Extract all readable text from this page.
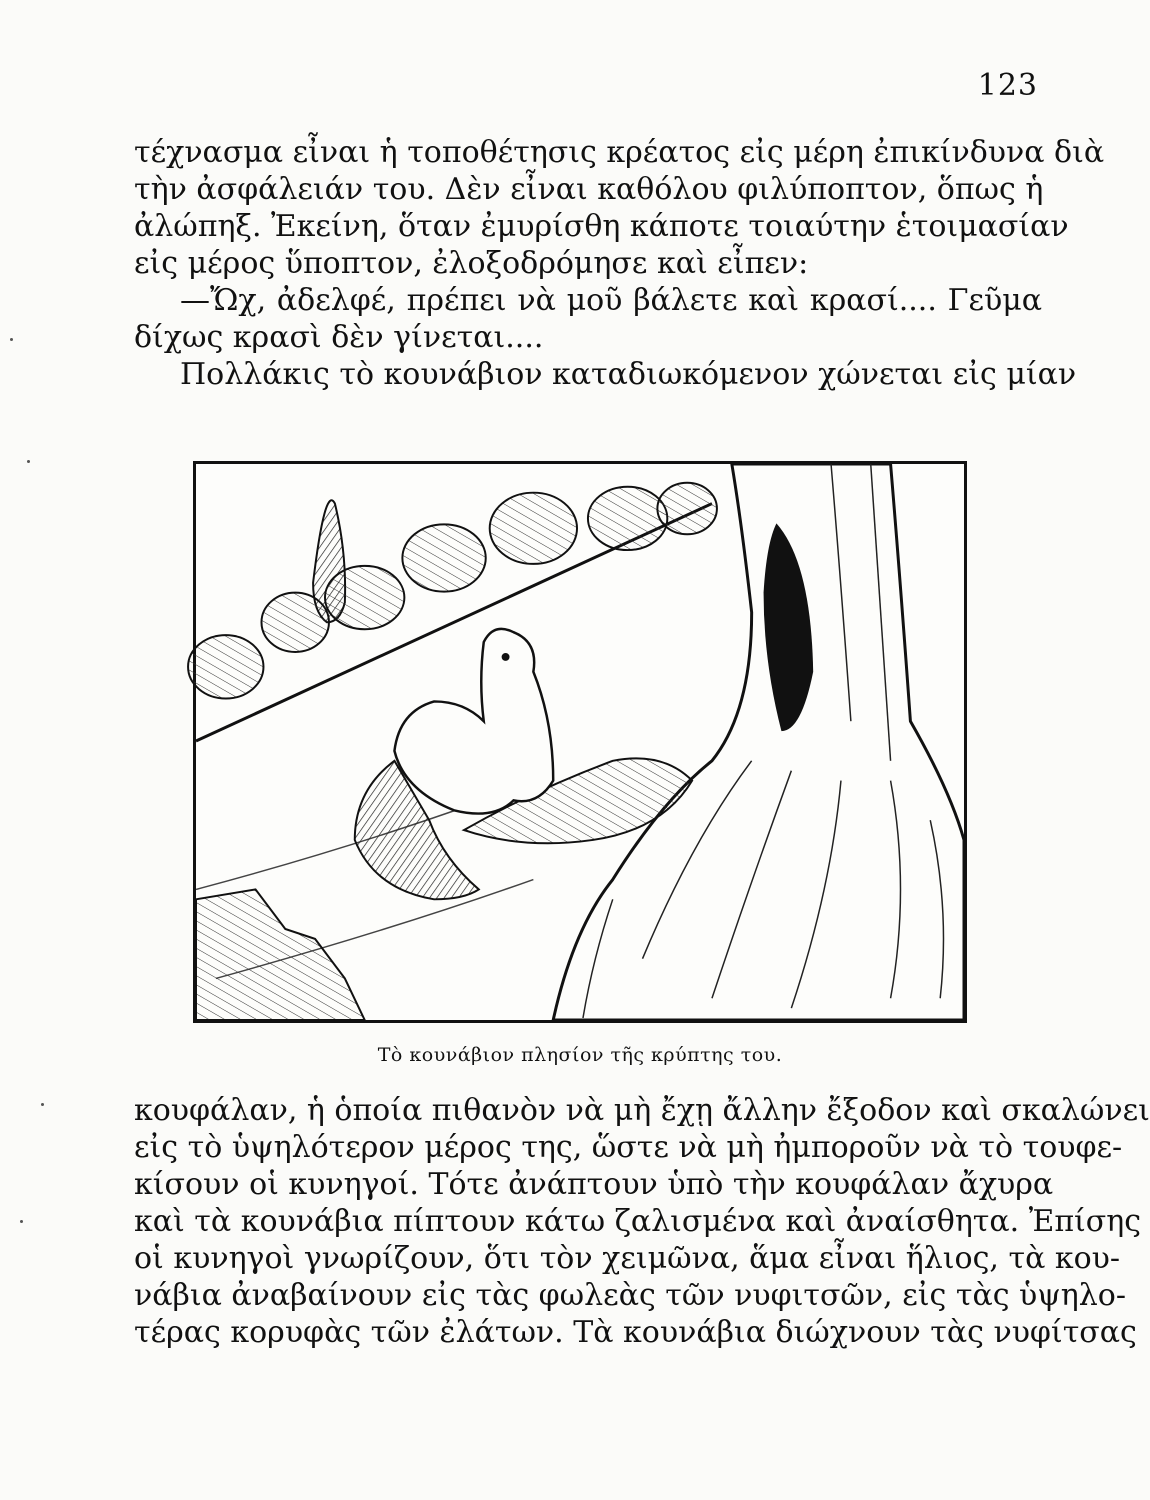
123
τέχνασμα εἶναι ἡ τοποθέτησις κρέατος εἰς μέρη ἐπικίνδυνα διὰ
τὴν ἀσφάλειάν του. Δὲν εἶναι καθόλου φιλύποπτον, ὅπως ἡ
ἀλώπηξ. Ἐκείνη, ὅταν ἐμυρίσθη κάποτε τοιαύτην ἑτοιμασίαν
εἰς μέρος ὕποπτον, ἐλοξοδρόμησε καὶ εἶπεν:
—Ὤχ, ἀδελφέ, πρέπει νὰ μοῦ βάλετε καὶ κρασί.... Γεῦμα
δίχως κρασὶ δὲν γίνεται....
Πολλάκις τὸ κουνάβιον καταδιωκόμενον χώνεται εἰς μίαν
Τὸ κουνάβιον πλησίον τῆς κρύπτης του.
κουφάλαν, ἡ ὁποία πιθανὸν νὰ μὴ ἔχῃ ἄλλην ἔξοδον καὶ σκαλώνει
εἰς τὸ ὑψηλότερον μέρος της, ὥστε νὰ μὴ ἠμποροῦν νὰ τὸ τουφε-
κίσουν οἱ κυνηγοί. Τότε ἀνάπτουν ὑπὸ τὴν κουφάλαν ἄχυρα
καὶ τὰ κουνάβια πίπτουν κάτω ζαλισμένα καὶ ἀναίσθητα. Ἐπίσης
οἱ κυνηγοὶ γνωρίζουν, ὅτι τὸν χειμῶνα, ἅμα εἶναι ἥλιος, τὰ κου-
νάβια ἀναβαίνουν εἰς τὰς φωλεὰς τῶν νυφιτσῶν, εἰς τὰς ὑψηλο-
τέρας κορυφὰς τῶν ἐλάτων. Τὰ κουνάβια διώχνουν τὰς νυφίτσας
